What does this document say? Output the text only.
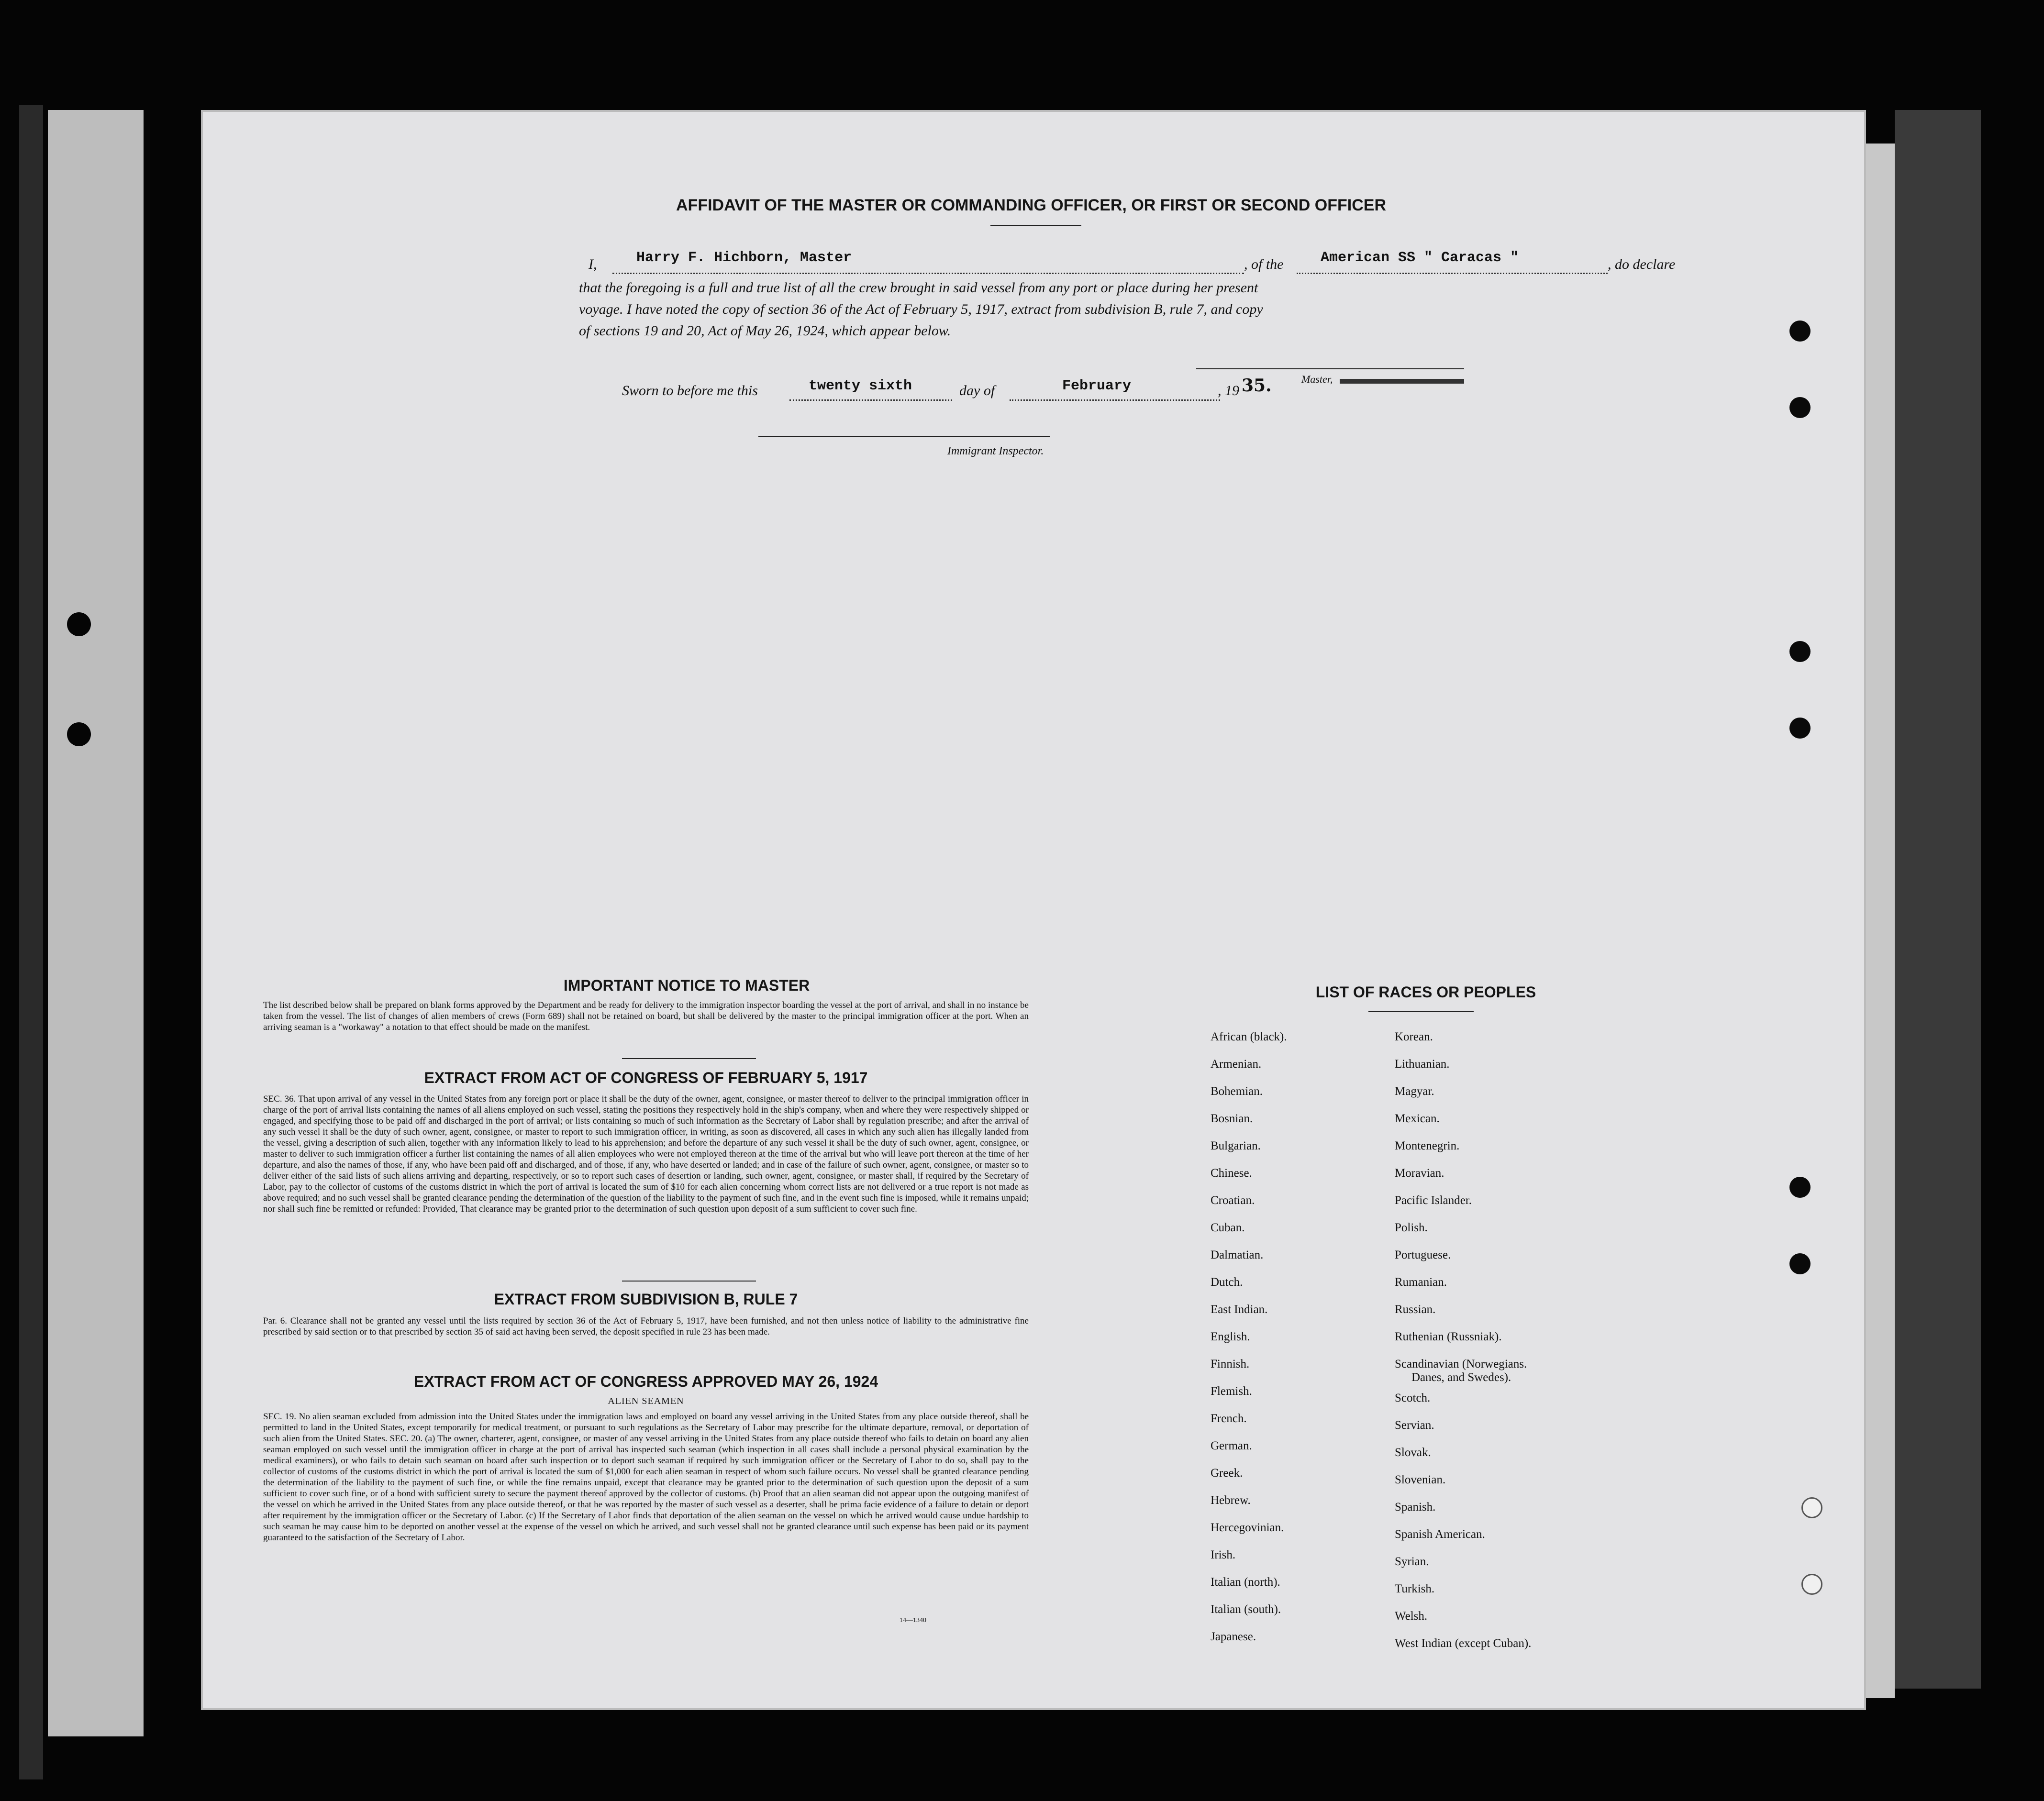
AFFIDAVIT OF THE MASTER OR COMMANDING OFFICER, OR FIRST OR SECOND OFFICER
I,	Harry F. Hichborn, Master	, of the	American SS " Caracas "	, do declare
that the foregoing is a full and true list of all the crew brought in said vessel from any port or place during her present
voyage. I have noted the copy of section 36 of the Act of February 5, 1917, extract from subdivision B, rule 7, and copy
of sections 19 and 20, Act of May 26, 1924, which appear below.
Master,
Sworn to before me this	twenty sixth	day of	February	, 19 35.
Immigrant Inspector.
IMPORTANT NOTICE TO MASTER
The list described below shall be prepared on blank forms approved by the Department and be ready for delivery to the immigration inspector boarding the vessel at the port of arrival, and shall in no instance be taken from the vessel. The list of changes of alien members of crews (Form 689) shall not be retained on board, but shall be delivered by the master to the principal immigration officer at the port. When an arriving seaman is a "workaway" a notation to that effect should be made on the manifest.
EXTRACT FROM ACT OF CONGRESS OF FEBRUARY 5, 1917
SEC. 36. That upon arrival of any vessel in the United States from any foreign port or place it shall be the duty of the owner, agent, consignee, or master thereof to deliver to the principal immigration officer in charge of the port of arrival lists containing the names of all aliens employed on such vessel, stating the positions they respectively hold in the ship's company, when and where they were respectively shipped or engaged, and specifying those to be paid off and discharged in the port of arrival; or lists containing so much of such information as the Secretary of Labor shall by regulation prescribe; and after the arrival of any such vessel it shall be the duty of such owner, agent, consignee, or master to report to such immigration officer, in writing, as soon as discovered, all cases in which any such alien has illegally landed from the vessel, giving a description of such alien, together with any information likely to lead to his apprehension; and before the departure of any such vessel it shall be the duty of such owner, agent, consignee, or master to deliver to such immigration officer a further list containing the names of all alien employees who were not employed thereon at the time of the arrival but who will leave port thereon at the time of her departure, and also the names of those, if any, who have been paid off and discharged, and of those, if any, who have deserted or landed; and in case of the failure of such owner, agent, consignee, or master so to deliver either of the said lists of such aliens arriving and departing, respectively, or so to report such cases of desertion or landing, such owner, agent, consignee, or master shall, if required by the Secretary of Labor, pay to the collector of customs of the customs district in which the port of arrival is located the sum of $10 for each alien concerning whom correct lists are not delivered or a true report is not made as above required; and no such vessel shall be granted clearance pending the determination of the question of the liability to the payment of such fine, and in the event such fine is imposed, while it remains unpaid; nor shall such fine be remitted or refunded: Provided, That clearance may be granted prior to the determination of such question upon deposit of a sum sufficient to cover such fine.
EXTRACT FROM SUBDIVISION B, RULE 7
Par. 6. Clearance shall not be granted any vessel until the lists required by section 36 of the Act of February 5, 1917, have been furnished, and not then unless notice of liability to the administrative fine prescribed by said section or to that prescribed by section 35 of said act having been served, the deposit specified in rule 23 has been made.
EXTRACT FROM ACT OF CONGRESS APPROVED MAY 26, 1924
ALIEN SEAMEN
SEC. 19. No alien seaman excluded from admission into the United States under the immigration laws and employed on board any vessel arriving in the United States from any place outside thereof, shall be permitted to land in the United States, except temporarily for medical treatment, or pursuant to such regulations as the Secretary of Labor may prescribe for the ultimate departure, removal, or deportation of such alien from the United States. SEC. 20. (a) The owner, charterer, agent, consignee, or master of any vessel arriving in the United States from any place outside thereof who fails to detain on board any alien seaman employed on such vessel until the immigration officer in charge at the port of arrival has inspected such seaman (which inspection in all cases shall include a personal physical examination by the medical examiners), or who fails to detain such seaman on board after such inspection or to deport such seaman if required by such immigration officer or the Secretary of Labor to do so, shall pay to the collector of customs of the customs district in which the port of arrival is located the sum of $1,000 for each alien seaman in respect of whom such failure occurs. No vessel shall be granted clearance pending the determination of the liability to the payment of such fine, or while the fine remains unpaid, except that clearance may be granted prior to the determination of such question upon the deposit of a sum sufficient to cover such fine, or of a bond with sufficient surety to secure the payment thereof approved by the collector of customs. (b) Proof that an alien seaman did not appear upon the outgoing manifest of the vessel on which he arrived in the United States from any place outside thereof, or that he was reported by the master of such vessel as a deserter, shall be prima facie evidence of a failure to detain or deport after requirement by the immigration officer or the Secretary of Labor. (c) If the Secretary of Labor finds that deportation of the alien seaman on the vessel on which he arrived would cause undue hardship to such seaman he may cause him to be deported on another vessel at the expense of the vessel on which he arrived, and such vessel shall not be granted clearance until such expense has been paid or its payment guaranteed to the satisfaction of the Secretary of Labor.
14—1340
LIST OF RACES OR PEOPLES
African (black).
Armenian.
Bohemian.
Bosnian.
Bulgarian.
Chinese.
Croatian.
Cuban.
Dalmatian.
Dutch.
East Indian.
English.
Finnish.
Flemish.
French.
German.
Greek.
Hebrew.
Hercegovinian.
Irish.
Italian (north).
Italian (south).
Japanese.
Korean.
Lithuanian.
Magyar.
Mexican.
Montenegrin.
Moravian.
Pacific Islander.
Polish.
Portuguese.
Rumanian.
Russian.
Ruthenian (Russniak).
Scandinavian (Norwegians.
Danes, and Swedes).
Scotch.
Servian.
Slovak.
Slovenian.
Spanish.
Spanish American.
Syrian.
Turkish.
Welsh.
West Indian (except Cuban).
